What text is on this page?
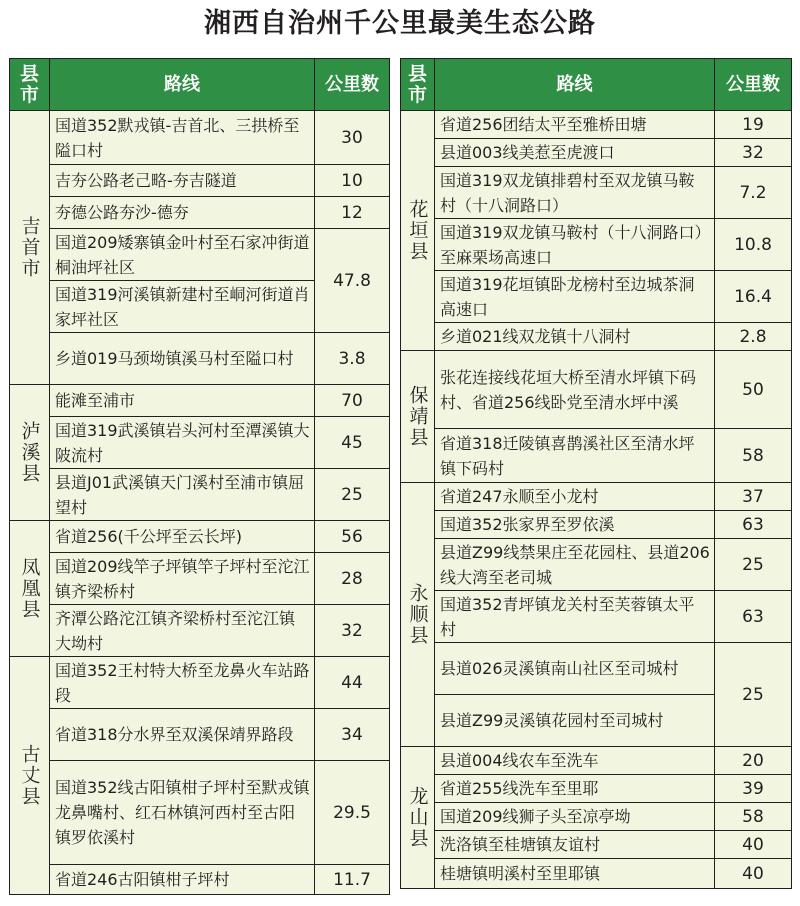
湘西自治州千公里最美生态公路
县市	路线	公里数
吉首市	国道352默戎镇-吉首北、三拱桥至隘口村	30
	吉夯公路老己略-夯吉隧道	10
	夯德公路夯沙-德夯	12
	国道209矮寨镇金叶村至石家冲街道桐油坪社区	47.8
	国道319河溪镇新建村至峒河街道肖家坪社区	
	乡道019马颈坳镇溪马村至隘口村	3.8
泸溪县	能滩至浦市	70
	国道319武溪镇岩头河村至潭溪镇大陂流村	45
	县道J01武溪镇天门溪村至浦市镇屈望村	25
凤凰县	省道256(千公坪至云长坪)	56
	国道209线竿子坪镇竿子坪村至沱江镇齐梁桥村	28
	齐潭公路沱江镇齐梁桥村至沱江镇大坳村	32
古丈县	国道352王村特大桥至龙鼻火车站路段	44
	省道318分水界至双溪保靖界路段	34
	国道352线古阳镇柑子坪村至默戎镇龙鼻嘴村、红石林镇河西村至古阳镇罗依溪村	29.5
	省道246古阳镇柑子坪村	11.7
县市	路线	公里数
花垣县	省道256团结太平至雅桥田塘	19
	县道003线美惹至虎渡口	32
	国道319双龙镇排碧村至双龙镇马鞍村（十八洞路口）	7.2
	国道319双龙镇马鞍村（十八洞路口）至麻栗场高速口	10.8
	国道319花垣镇卧龙榜村至边城茶洞高速口	16.4
	乡道021线双龙镇十八洞村	2.8
保靖县	张花连接线花垣大桥至清水坪镇下码村、省道256线卧党至清水坪中溪	50
	省道318迁陵镇喜鹊溪社区至清水坪镇下码村	58
永顺县	省道247永顺至小龙村	37
	国道352张家界至罗依溪	63
	县道Z99线禁果庄至花园柱、县道206线大湾至老司城	25
	国道352青坪镇龙关村至芙蓉镇太平村	63
	县道026灵溪镇南山社区至司城村	25
	县道Z99灵溪镇花园村至司城村	
龙山县	县道004线农车至洗车	20
	省道255线洗车至里耶	39
	国道209线狮子头至凉亭坳	58
	洗洛镇至桂塘镇友谊村	40
	桂塘镇明溪村至里耶镇	40
